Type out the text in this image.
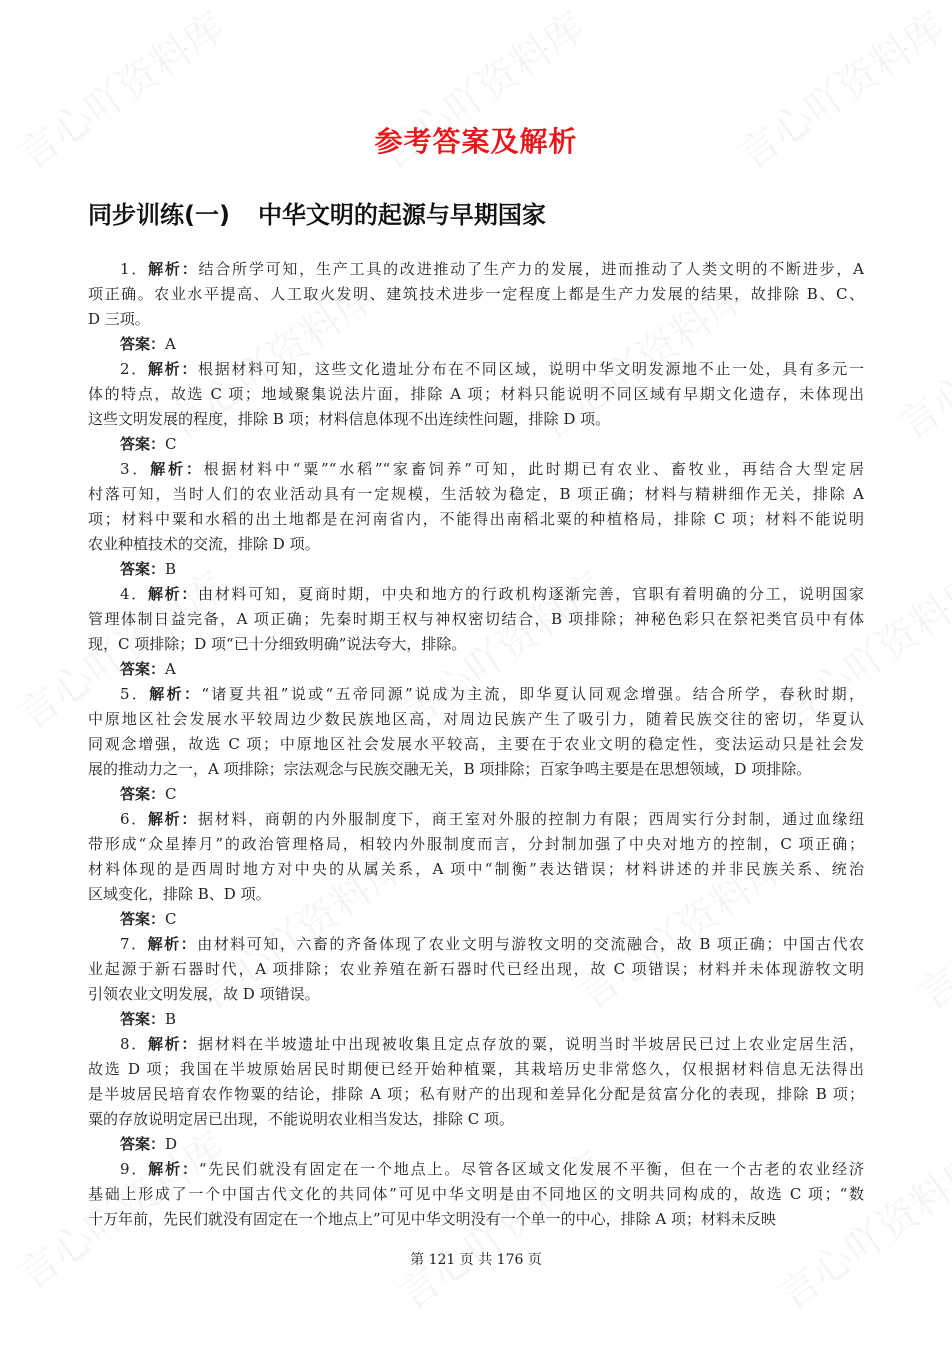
参考答案及解析
同步训练(一) 中华文明的起源与早期国家
1．解析：结合所学可知，生产工具的改进推动了生产力的发展，进而推动了人类文明的不断进步，A
项正确。农业水平提高、人工取火发明、建筑技术进步一定程度上都是生产力发展的结果，故排除 B、C、
D 三项。
答案：A
2．解析：根据材料可知，这些文化遗址分布在不同区域，说明中华文明发源地不止一处，具有多元一
体的特点，故选 C 项；地域聚集说法片面，排除 A 项；材料只能说明不同区域有早期文化遗存，未体现出
这些文明发展的程度，排除 B 项；材料信息体现不出连续性问题，排除 D 项。
答案：C
3．解析：根据材料中“粟”“水稻”“家畜饲养”可知，此时期已有农业、畜牧业，再结合大型定居
村落可知，当时人们的农业活动具有一定规模，生活较为稳定，B 项正确；材料与精耕细作无关，排除 A
项；材料中粟和水稻的出土地都是在河南省内，不能得出南稻北粟的种植格局，排除 C 项；材料不能说明
农业种植技术的交流，排除 D 项。
答案：B
4．解析：由材料可知，夏商时期，中央和地方的行政机构逐渐完善，官职有着明确的分工，说明国家
管理体制日益完备，A 项正确；先秦时期王权与神权密切结合，B 项排除；神秘色彩只在祭祀类官员中有体
现，C 项排除；D 项“已十分细致明确”说法夸大，排除。
答案：A
5．解析：“诸夏共祖”说或“五帝同源”说成为主流，即华夏认同观念增强。结合所学，春秋时期，
中原地区社会发展水平较周边少数民族地区高，对周边民族产生了吸引力，随着民族交往的密切，华夏认
同观念增强，故选 C 项；中原地区社会发展水平较高，主要在于农业文明的稳定性，变法运动只是社会发
展的推动力之一，A 项排除；宗法观念与民族交融无关，B 项排除；百家争鸣主要是在思想领域，D 项排除。
答案：C
6．解析：据材料，商朝的内外服制度下，商王室对外服的控制力有限；西周实行分封制，通过血缘纽
带形成“众星捧月”的政治管理格局，相较内外服制度而言，分封制加强了中央对地方的控制，C 项正确；
材料体现的是西周时地方对中央的从属关系，A 项中“制衡”表达错误；材料讲述的并非民族关系、统治
区域变化，排除 B、D 项。
答案：C
7．解析：由材料可知，六畜的齐备体现了农业文明与游牧文明的交流融合，故 B 项正确；中国古代农
业起源于新石器时代，A 项排除；农业养殖在新石器时代已经出现，故 C 项错误；材料并未体现游牧文明
引领农业文明发展，故 D 项错误。
答案：B
8．解析：据材料在半坡遗址中出现被收集且定点存放的粟，说明当时半坡居民已过上农业定居生活，
故选 D 项；我国在半坡原始居民时期便已经开始种植粟，其栽培历史非常悠久，仅根据材料信息无法得出
是半坡居民培育农作物粟的结论，排除 A 项；私有财产的出现和差异化分配是贫富分化的表现，排除 B 项；
粟的存放说明定居已出现，不能说明农业相当发达，排除 C 项。
答案：D
9．解析：“先民们就没有固定在一个地点上。尽管各区域文化发展不平衡，但在一个古老的农业经济
基础上形成了一个中国古代文化的共同体”可见中华文明是由不同地区的文明共同构成的，故选 C 项；“数
十万年前，先民们就没有固定在一个地点上”可见中华文明没有一个单一的中心，排除 A 项；材料未反映
第 121 页 共 176 页
